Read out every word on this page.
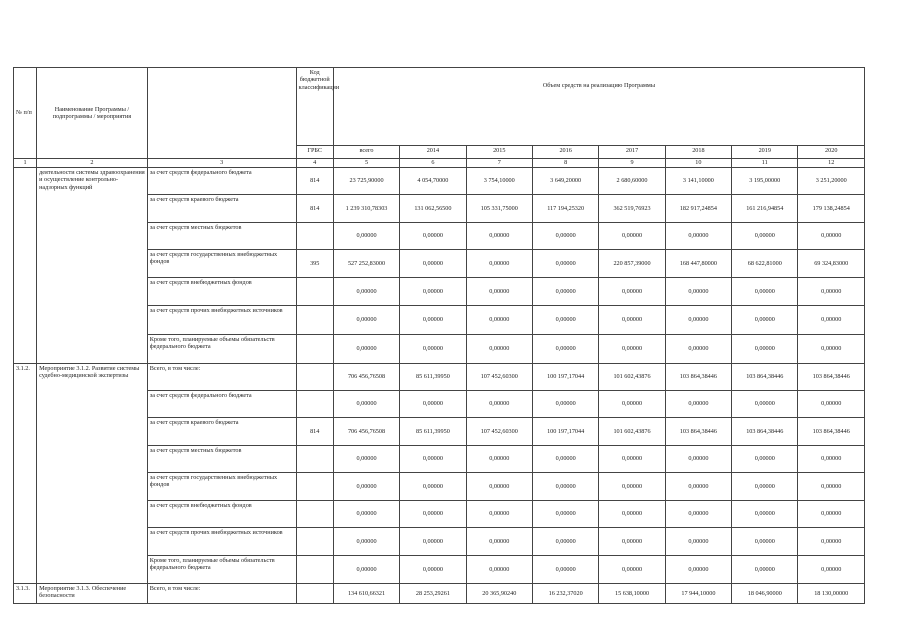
№ п/п	Наименование Программы / подпрограммы / мероприятия		Код бюджетной классификации	Объем средств на реализацию Программы							
			ГРБС	всего	2014	2015	2016	2017	2018	2019	2020
1	2	3	4	5	6	7	8	9	10	11	12
	деятельности системы здравоохранения и осуществление контрольно-надзорных функций	за счет средств федерального бюджета	814	23 725,90000	4 054,70000	3 754,10000	3 649,20000	2 680,60000	3 141,10000	3 195,00000	3 251,20000
		за счет средств краевого бюджета	814	1 239 310,78303	131 062,56500	105 331,75000	117 194,25320	362 519,76923	182 917,24854	161 216,94854	179 138,24854
		за счет средств местных бюджетов		0,00000	0,00000	0,00000	0,00000	0,00000	0,00000	0,00000	0,00000
		за счет средств государственных внебюджетных фондов	395	527 252,83000	0,00000	0,00000	0,00000	220 857,39000	168 447,80000	68 622,81000	69 324,83000
		за счет средств внебюджетных фондов		0,00000	0,00000	0,00000	0,00000	0,00000	0,00000	0,00000	0,00000
		за счет средств прочих внебюджетных источников		0,00000	0,00000	0,00000	0,00000	0,00000	0,00000	0,00000	0,00000
		Кроме того, планируемые объемы обязательств федерального бюджета		0,00000	0,00000	0,00000	0,00000	0,00000	0,00000	0,00000	0,00000
3.1.2.	Мероприятие 3.1.2. Развитие системы судебно-медицинской экспертизы	Всего, в том числе:		706 456,76508	85 611,39950	107 452,60300	100 197,17044	101 602,43876	103 864,38446	103 864,38446	103 864,38446
		за счет средств федерального бюджета		0,00000	0,00000	0,00000	0,00000	0,00000	0,00000	0,00000	0,00000
		за счет средств краевого бюджета	814	706 456,76508	85 611,39950	107 452,60300	100 197,17044	101 602,43876	103 864,38446	103 864,38446	103 864,38446
		за счет средств местных бюджетов		0,00000	0,00000	0,00000	0,00000	0,00000	0,00000	0,00000	0,00000
		за счет средств государственных внебюджетных фондов		0,00000	0,00000	0,00000	0,00000	0,00000	0,00000	0,00000	0,00000
		за счет средств внебюджетных фондов		0,00000	0,00000	0,00000	0,00000	0,00000	0,00000	0,00000	0,00000
		за счет средств прочих внебюджетных источников		0,00000	0,00000	0,00000	0,00000	0,00000	0,00000	0,00000	0,00000
		Кроме того, планируемые объемы обязательств федерального бюджета		0,00000	0,00000	0,00000	0,00000	0,00000	0,00000	0,00000	0,00000
3.1.3.	Мероприятие 3.1.3. Обеспечение безопасности	Всего, в том числе:		134 610,66321	28 253,29261	20 365,90240	16 232,37020	15 638,10000	17 944,10000	18 046,90000	18 130,00000
